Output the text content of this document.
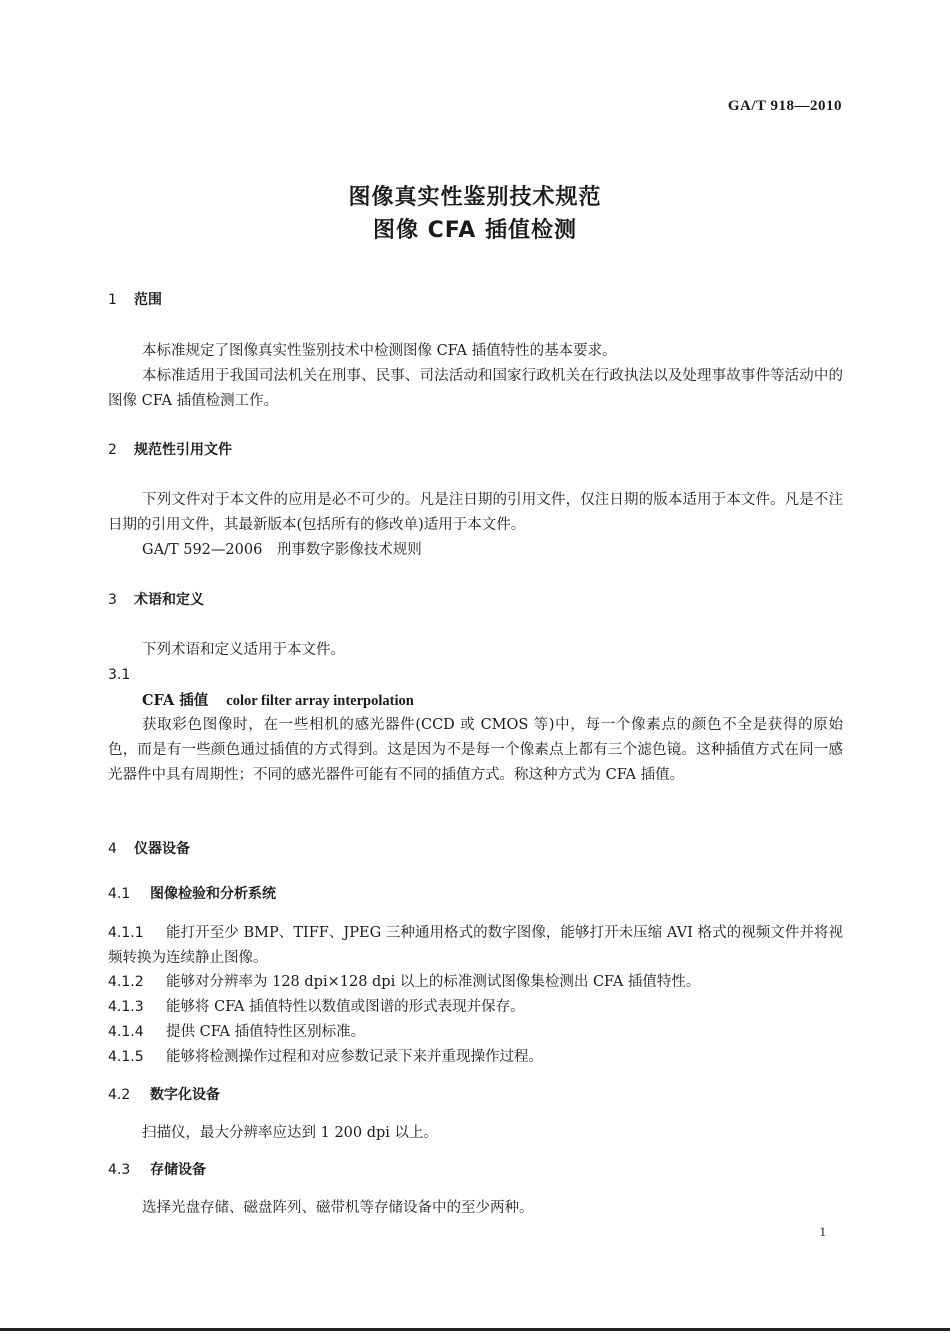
GA/T 918—2010
图像真实性鉴别技术规范
图像 CFA 插值检测
1 范围

本标准规定了图像真实性鉴别技术中检测图像 CFA 插值特性的基本要求。

本标准适用于我国司法机关在刑事、民事、司法活动和国家行政机关在行政执法以及处理事故事件等活动中的图像 CFA 插值检测工作。

2 规范性引用文件

下列文件对于本文件的应用是必不可少的。凡是注日期的引用文件，仅注日期的版本适用于本文件。凡是不注日期的引用文件，其最新版本(包括所有的修改单)适用于本文件。

GA/T 592—2006　刑事数字影像技术规则

3 术语和定义

下列术语和定义适用于本文件。

3.1
CFA 插值 color filter array interpolation

获取彩色图像时，在一些相机的感光器件(CCD 或 CMOS 等)中，每一个像素点的颜色不全是获得的原始色，而是有一些颜色通过插值的方式得到。这是因为不是每一个像素点上都有三个滤色镜。这种插值方式在同一感光器件中具有周期性；不同的感光器件可能有不同的插值方式。称这种方式为 CFA 插值。

4 仪器设备
4.1 图像检验和分析系统

4.1.1 能打开至少 BMP、TIFF、JPEG 三种通用格式的数字图像，能够打开未压缩 AVI 格式的视频文件并将视频转换为连续静止图像。

4.1.2 能够对分辨率为 128 dpi×128 dpi 以上的标准测试图像集检测出 CFA 插值特性。

4.1.3 能够将 CFA 插值特性以数值或图谱的形式表现并保存。

4.1.4 提供 CFA 插值特性区别标准。

4.1.5 能够将检测操作过程和对应参数记录下来并重现操作过程。

4.2 数字化设备

扫描仪，最大分辨率应达到 1 200 dpi 以上。

4.3 存储设备

选择光盘存储、磁盘阵列、磁带机等存储设备中的至少两种。

1
